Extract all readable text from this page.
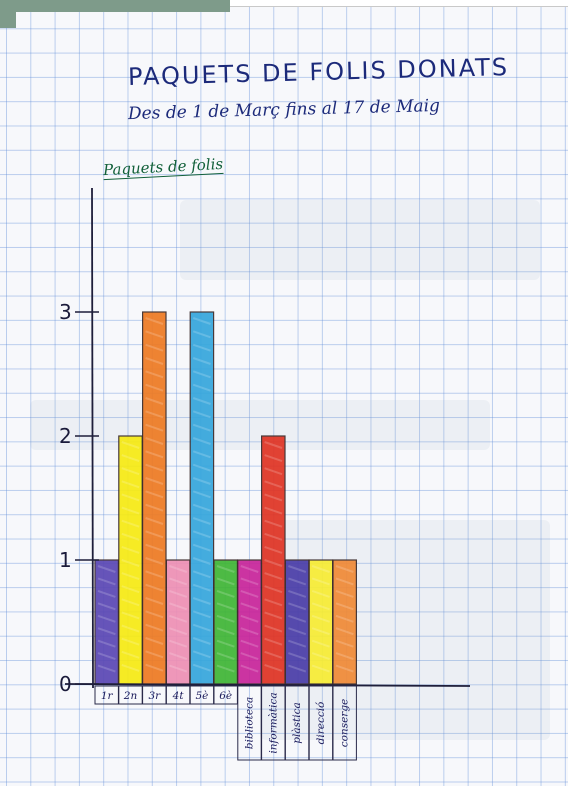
PAQUETS DE FOLIS DONATS
Des de 1 de Març fins al 17 de Maig
Paquets de folis
0
1
2
3
1r 2n 3r 4t 5è 6è
biblioteca informàtica plàstica direcció conserge
